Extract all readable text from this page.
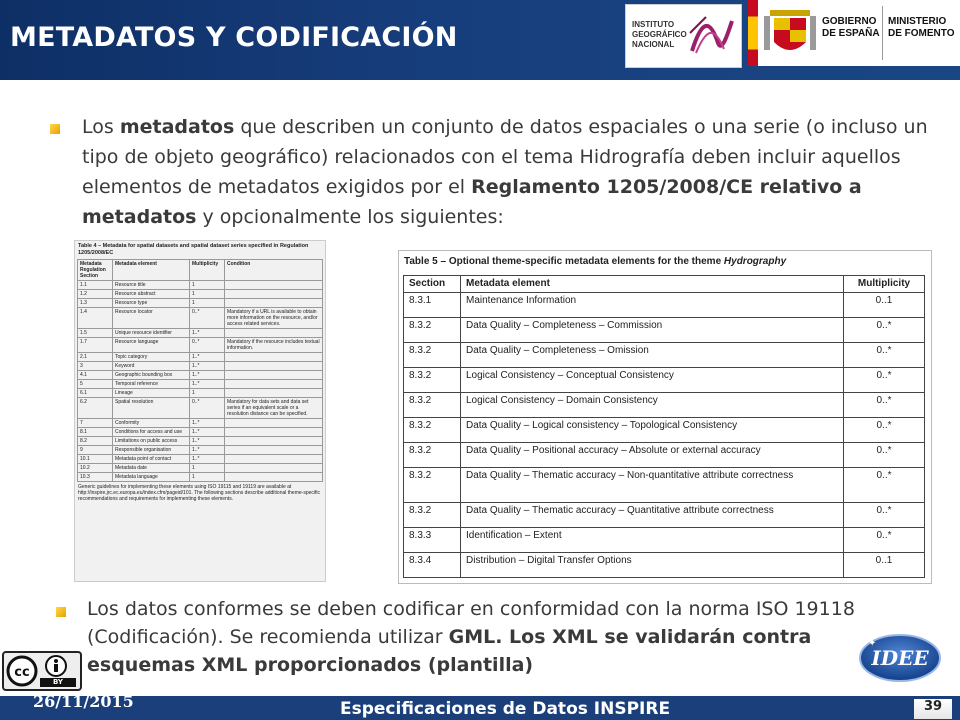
METADATOS Y CODIFICACIÓN	INSTITUTO
GEOGRÁFICO
NACIONAL
GOBIERNO
DE ESPAÑA
MINISTERIO
DE FOMENTO
Los metadatos que describen un conjunto de datos espaciales o una serie (o incluso un tipo de objeto geográfico) relacionados con el tema Hidrografía deben incluir aquellos elementos de metadatos exigidos por el Reglamento 1205/2008/CE relativo a metadatos y opcionalmente los siguientes:
Table 4 – Metadata for spatial datasets and spatial dataset series specified in Regulation 1205/2008/EC
Metadata Regulation Section	Metadata element	Multiplicity	Condition
1.1	Resource title	1	
1.2	Resource abstract	1	
1.3	Resource type	1	
1.4	Resource locator	0..*	Mandatory if a URL is available to obtain more information on the resource, and/or access related services.
1.5	Unique resource identifier	1..*	
1.7	Resource language	0..*	Mandatory if the resource includes textual information.
2.1	Topic category	1..*	
3	Keyword	1..*	
4.1	Geographic bounding box	1..*	
5	Temporal reference	1..*	
6.1	Lineage	1	
6.2	Spatial resolution	0..*	Mandatory for data sets and data set series if an equivalent scale or a resolution distance can be specified.
7	Conformity	1..*	
8.1	Conditions for access and use	1..*	
8.2	Limitations on public access	1..*	
9	Responsible organisation	1..*	
10.1	Metadata point of contact	1..*	
10.2	Metadata date	1	
10.3	Metadata language	1	
Generic guidelines for implementing these elements using ISO 19115 and 19119 are available at http://inspire.jrc.ec.europa.eu/index.cfm/pageid/101. The following sections describe additional theme-specific recommendations and requirements for implementing these elements.
Table 5 – Optional theme-specific metadata elements for the theme Hydrography
Section	Metadata element	Multiplicity
8.3.1	Maintenance Information	0..1
8.3.2	Data Quality – Completeness – Commission	0..*
8.3.2	Data Quality – Completeness – Omission	0..*
8.3.2	Logical Consistency – Conceptual Consistency	0..*
8.3.2	Logical Consistency – Domain Consistency	0..*
8.3.2	Data Quality – Logical consistency – Topological Consistency	0..*
8.3.2	Data Quality – Positional accuracy – Absolute or external accuracy	0..*
8.3.2	Data Quality – Thematic accuracy – Non-quantitative attribute correctness	0..*
8.3.2	Data Quality – Thematic accuracy – Quantitative attribute correctness	0..*
8.3.3	Identification – Extent	0..*
8.3.4	Distribution – Digital Transfer Options	0..1
Los datos conformes se deben codificar en conformidad con la norma ISO 19118 (Codificación). Se recomienda utilizar GML. Los XML se validarán contra esquemas XML proporcionados (plantilla)
cc
BY
IDEE
✦
26/11/2015	Especificaciones de Datos INSPIRE	39
